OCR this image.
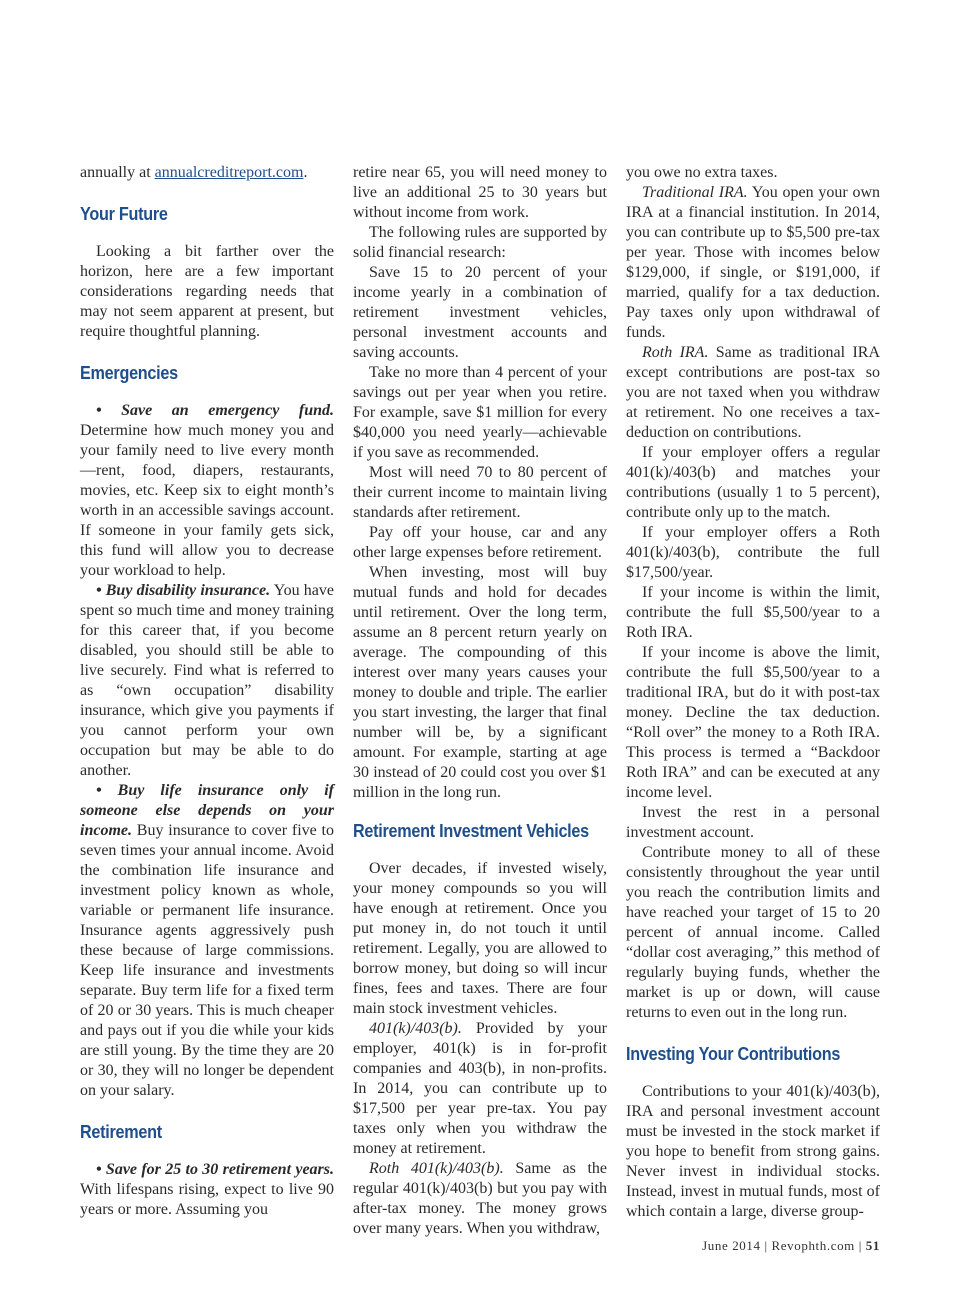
annually at annualcreditreport.com.

Your Future

Looking a bit farther over the horizon, here are a few important considerations regarding needs that may not seem apparent at present, but require thoughtful planning.

Emergencies

• Save an emergency fund. Determine how much money you and your family need to live every month—rent, food, diapers, restaurants, movies, etc. Keep six to eight month’s worth in an accessible savings account. If someone in your family gets sick, this fund will allow you to decrease your workload to help.

• Buy disability insurance. You have spent so much time and money training for this career that, if you become disabled, you should still be able to live securely. Find what is referred to as “own occupation” disability insurance, which give you payments if you cannot perform your own occupation but may be able to do another.

• Buy life insurance only if someone else depends on your income. Buy insurance to cover five to seven times your annual income. Avoid the combination life insurance and investment policy known as whole, variable or permanent life insurance. Insurance agents aggressively push these because of large commissions. Keep life insurance and investments separate. Buy term life for a fixed term of 20 or 30 years. This is much cheaper and pays out if you die while your kids are still young. By the time they are 20 or 30, they will no longer be dependent on your salary.

Retirement

• Save for 25 to 30 retirement years. With lifespans rising, expect to live 90 years or more. Assuming you

retire near 65, you will need money to live an additional 25 to 30 years but without income from work.

The following rules are supported by solid financial research:

Save 15 to 20 percent of your income yearly in a combination of retirement investment vehicles, personal investment accounts and saving accounts.

Take no more than 4 percent of your savings out per year when you retire. For example, save $1 million for every $40,000 you need yearly—achievable if you save as recommended.

Most will need 70 to 80 percent of their current income to maintain living standards after retirement.

Pay off your house, car and any other large expenses before retirement.

When investing, most will buy mutual funds and hold for decades until retirement. Over the long term, assume an 8 percent return yearly on average. The compounding of this interest over many years causes your money to double and triple. The earlier you start investing, the larger that final number will be, by a significant amount. For example, starting at age 30 instead of 20 could cost you over $1 million in the long run.

Retirement Investment Vehicles

Over decades, if invested wisely, your money compounds so you will have enough at retirement. Once you put money in, do not touch it until retirement. Legally, you are allowed to borrow money, but doing so will incur fines, fees and taxes. There are four main stock investment vehicles.

401(k)/403(b). Provided by your employer, 401(k) is in for-profit companies and 403(b), in non-profits. In 2014, you can contribute up to $17,500 per year pre-tax. You pay taxes only when you withdraw the money at retirement.

Roth 401(k)/403(b). Same as the regular 401(k)/403(b) but you pay with after-tax money. The money grows over many years. When you withdraw,

you owe no extra taxes.

Traditional IRA. You open your own IRA at a financial institution. In 2014, you can contribute up to $5,500 pre-tax per year. Those with incomes below $129,000, if single, or $191,000, if married, qualify for a tax deduction. Pay taxes only upon withdrawal of funds.

Roth IRA. Same as traditional IRA except contributions are post-tax so you are not taxed when you withdraw at retirement. No one receives a tax-deduction on contributions.

If your employer offers a regular 401(k)/403(b) and matches your contributions (usually 1 to 5 percent), contribute only up to the match.

If your employer offers a Roth 401(k)/403(b), contribute the full $17,500/year.

If your income is within the limit, contribute the full $5,500/year to a Roth IRA.

If your income is above the limit, contribute the full $5,500/year to a traditional IRA, but do it with post-tax money. Decline the tax deduction. “Roll over” the money to a Roth IRA. This process is termed a “Backdoor Roth IRA” and can be executed at any income level.

Invest the rest in a personal investment account.

Contribute money to all of these consistently throughout the year until you reach the contribution limits and have reached your target of 15 to 20 percent of annual income. Called “dollar cost averaging,” this method of regularly buying funds, whether the market is up or down, will cause returns to even out in the long run.

Investing Your Contributions

Contributions to your 401(k)/403(b), IRA and personal investment account must be invested in the stock market if you hope to benefit from strong gains. Never invest in individual stocks. Instead, invest in mutual funds, most of which contain a large, diverse group-

June 2014 | Revophth.com | 51
